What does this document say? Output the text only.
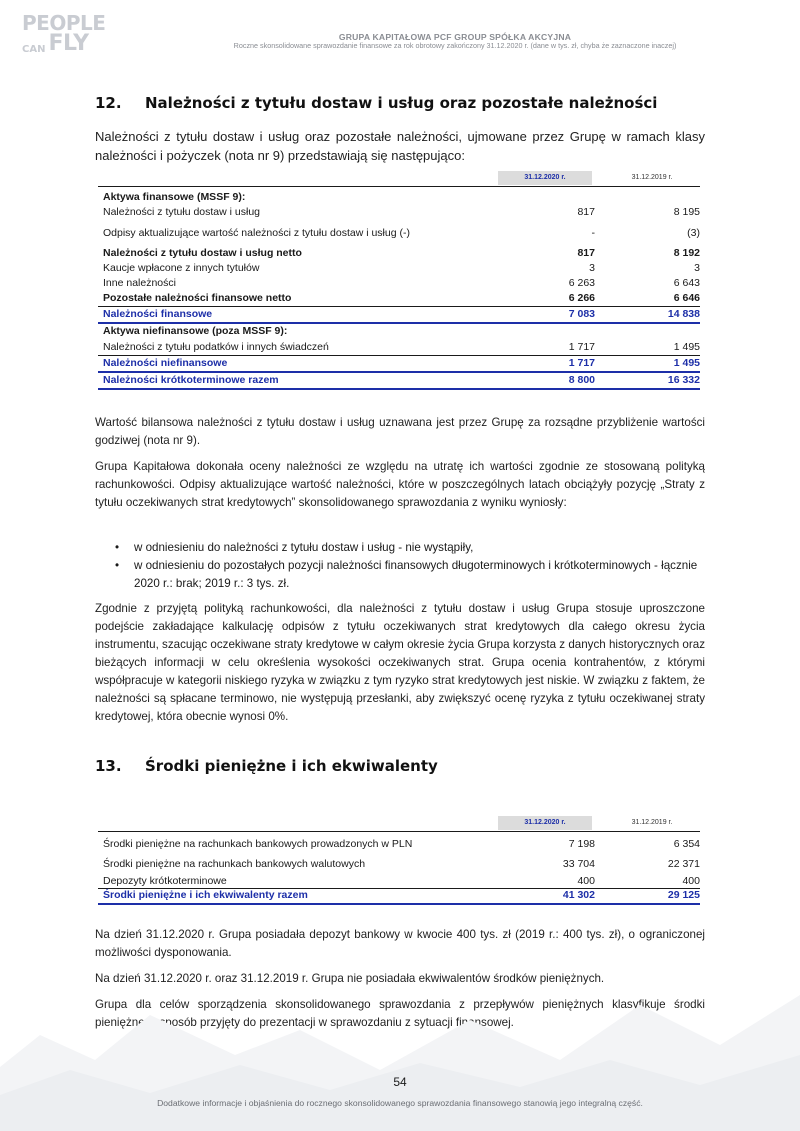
PEOPLE
CAN FLY	GRUPA KAPITAŁOWA PCF GROUP SPÓŁKA AKCYJNA
Roczne skonsolidowane sprawozdanie finansowe za rok obrotowy zakończony 31.12.2020 r. (dane w tys. zł, chyba że zaznaczone inaczej)
12. Należności z tytułu dostaw i usług oraz pozostałe należności
Należności z tytułu dostaw i usług oraz pozostałe należności, ujmowane przez Grupę w ramach klasy należności i pożyczek (nota nr 9) przedstawiają się następująco:
31.12.2020 r.	31.12.2019 r.
Aktywa finansowe (MSSF 9):
Należności z tytułu dostaw i usług	817	8 195
Odpisy aktualizujące wartość należności z tytułu dostaw i usług (-)	-	(3)
Należności z tytułu dostaw i usług netto	817	8 192
Kaucje wpłacone z innych tytułów	3	3
Inne należności	6 263	6 643
Pozostałe należności finansowe netto	6 266	6 646
Należności finansowe	7 083	14 838
Aktywa niefinansowe (poza MSSF 9):
Należności z tytułu podatków i innych świadczeń	1 717	1 495
Należności niefinansowe	1 717	1 495
Należności krótkoterminowe razem	8 800	16 332
Wartość bilansowa należności z tytułu dostaw i usług uznawana jest przez Grupę za rozsądne przybliżenie wartości godziwej (nota nr 9).
Grupa Kapitałowa dokonała oceny należności ze względu na utratę ich wartości zgodnie ze stosowaną polityką rachunkowości. Odpisy aktualizujące wartość należności, które w poszczególnych latach obciążyły pozycję „Straty z tytułu oczekiwanych strat kredytowych” skonsolidowanego sprawozdania z wyniku wyniosły:
• w odniesieniu do należności z tytułu dostaw i usług - nie wystąpiły,
• w odniesieniu do pozostałych pozycji należności finansowych długoterminowych i krótkoterminowych - łącznie 2020 r.: brak; 2019 r.: 3 tys. zł.
Zgodnie z przyjętą polityką rachunkowości, dla należności z tytułu dostaw i usług Grupa stosuje uproszczone podejście zakładające kalkulację odpisów z tytułu oczekiwanych strat kredytowych dla całego okresu życia instrumentu, szacując oczekiwane straty kredytowe w całym okresie życia Grupa korzysta z danych historycznych oraz bieżących informacji w celu określenia wysokości oczekiwanych strat. Grupa ocenia kontrahentów, z którymi współpracuje w kategorii niskiego ryzyka w związku z tym ryzyko strat kredytowych jest niskie. W związku z faktem, że należności są spłacane terminowo, nie występują przesłanki, aby zwiększyć ocenę ryzyka z tytułu oczekiwanej straty kredytowej, która obecnie wynosi 0%.
13. Środki pieniężne i ich ekwiwalenty
31.12.2020 r.	31.12.2019 r.
Środki pieniężne na rachunkach bankowych prowadzonych w PLN	7 198	6 354
Środki pieniężne na rachunkach bankowych walutowych	33 704	22 371
Depozyty krótkoterminowe	400	400
Środki pieniężne i ich ekwiwalenty razem	41 302	29 125
Na dzień 31.12.2020 r. Grupa posiadała depozyt bankowy w kwocie 400 tys. zł (2019 r.: 400 tys. zł), o ograniczonej możliwości dysponowania.
Na dzień 31.12.2020 r. oraz 31.12.2019 r. Grupa nie posiadała ekwiwalentów środków pieniężnych.
Grupa dla celów sporządzenia skonsolidowanego sprawozdania z przepływów pieniężnych klasyfikuje środki pieniężne w sposób przyjęty do prezentacji w sprawozdaniu z sytuacji finansowej.
54
Dodatkowe informacje i objaśnienia do rocznego skonsolidowanego sprawozdania finansowego stanowią jego integralną część.
